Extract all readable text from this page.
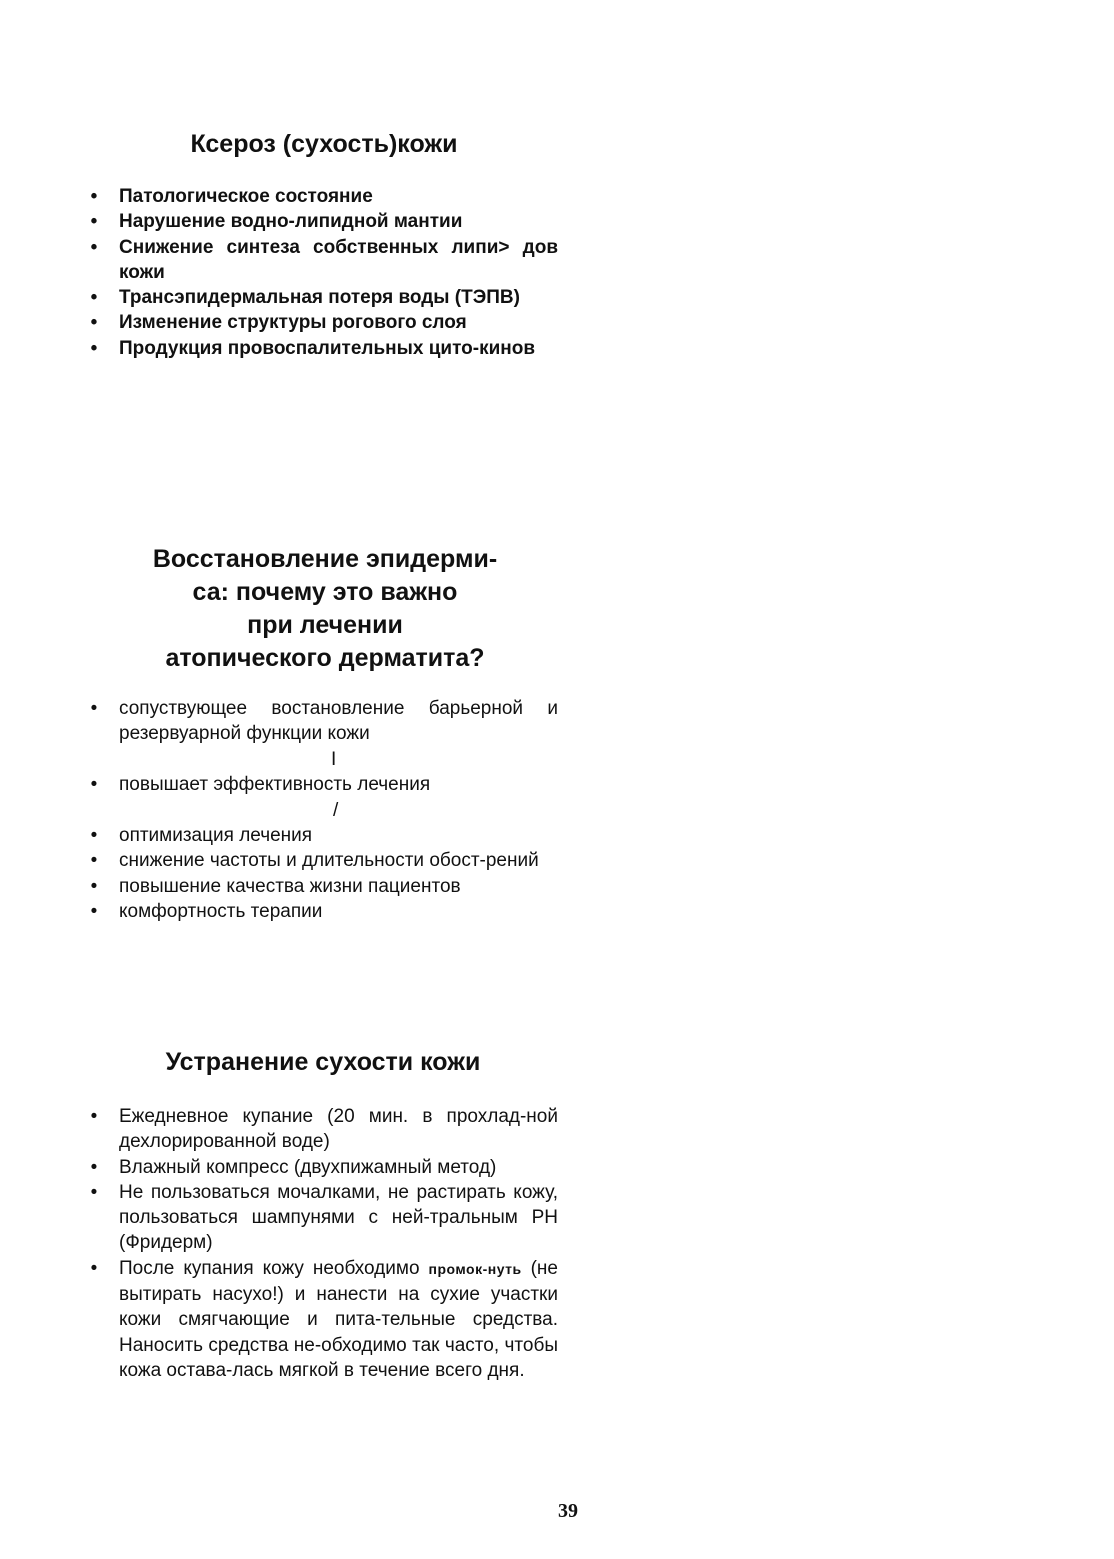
Ксероз (сухость)кожи
• Патологическое состояние
• Нарушение водно-липидной мантии
• Снижение синтеза собственных липи> дов кожи
• Трансэпидермальная потеря воды (ТЭПВ)
• Изменение структуры рогового слоя
• Продукция провоспалительных цито-кинов
Восстановление эпидерми-
са: почему это важно
при лечении
атопического дерматита?
• сопуствующее востановление барьерной и резервуарной функции кожи
I
• повышает эффективность лечения
/
• оптимизация лечения
• снижение частоты и длительности обост-рений
• повышение качества жизни пациентов
• комфортность терапии
Устранение сухости кожи
• Ежедневное купание (20 мин. в прохлад-ной дехлорированной воде)
• Влажный компресс (двухпижамный метод)
• Не пользоваться мочалками, не растирать кожу, пользоваться шампунями с ней-тральным РН (Фридерм)
• После купания кожу необходимо промок-нуть (не вытирать насухо!) и нанести на сухие участки кожи смягчающие и пита-тельные средства. Наносить средства не-обходимо так часто, чтобы кожа остава-лась мягкой в течение всего дня.
39
